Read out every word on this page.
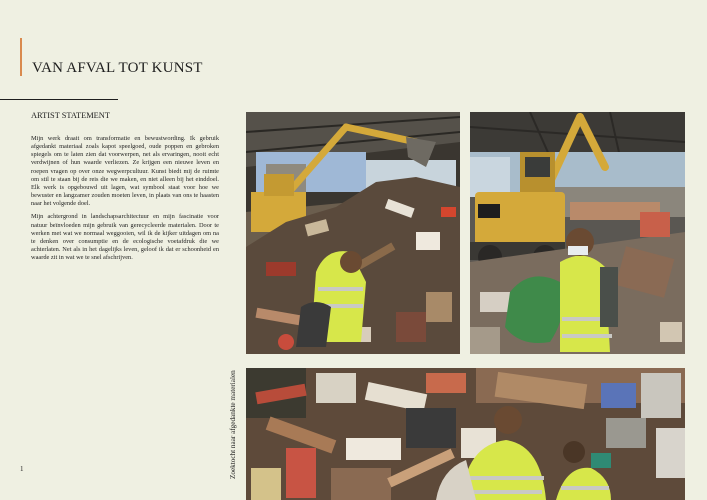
VAN AFVAL TOT KUNST
ARTIST STATEMENT

Mijn werk draait om transformatie en bewustwording. Ik gebruik afgedankt materiaal zoals kapot speelgoed, oude poppen en gebroken spiegels om te laten zien dat voorwerpen, net als ervaringen, nooit echt verdwijnen of hun waarde verliezen. Ze krijgen een nieuwe leven en roepen vragen op over onze wegwerpcultuur. Kunst biedt mij de ruimte om stil te staan bij de reis die we maken, en niet alleen bij het einddoel. Elk werk is opgebouwd uit lagen, wat symbool staat voor hoe we bewuster en langzamer zouden moeten leven, in plaats van ons te haasten naar het volgende doel.

Mijn achtergrond in landschapsarchitectuur en mijn fascinatie voor natuur beïnvloeden mijn gebruik van gerecycleerde materialen. Door te werken met wat we normaal weggooien, wil ik de kijker uitdagen om na te denken over consumptie en de ecologische voetafdruk die we achterlaten. Net als in het dagelijks leven, geloof ik dat er schoonheid en waarde zit in wat we te snel afschrijven.

1	Zoektocht naar afgedankte materialen
